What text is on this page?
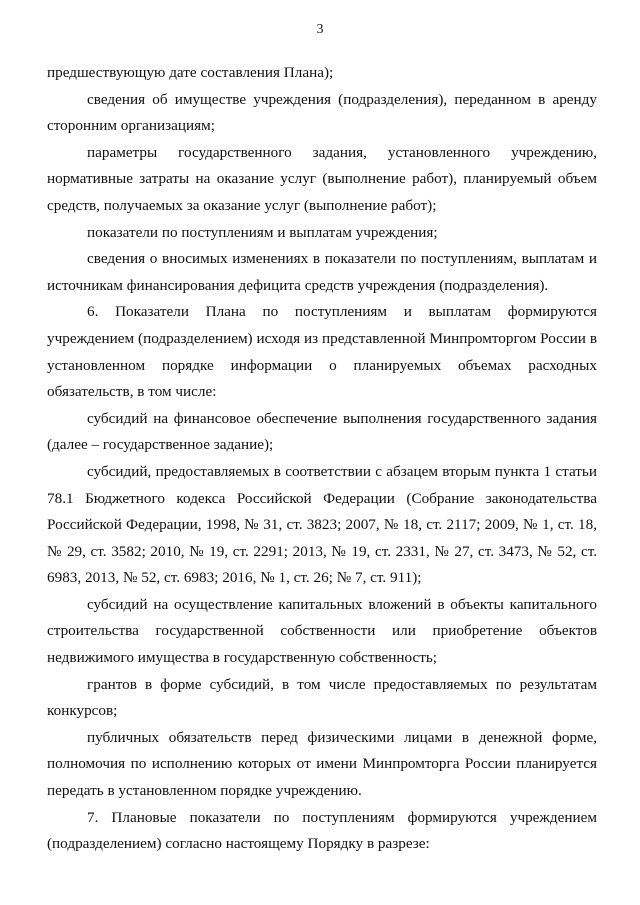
3

предшествующую дате составления Плана);

сведения об имуществе учреждения (подразделения), переданном в аренду сторонним организациям;

параметры государственного задания, установленного учреждению, нормативные затраты на оказание услуг (выполнение работ), планируемый объем средств, получаемых за оказание услуг (выполнение работ);

показатели по поступлениям и выплатам учреждения;

сведения о вносимых изменениях в показатели по поступлениям, выплатам и источникам финансирования дефицита средств учреждения (подразделения).

6. Показатели Плана по поступлениям и выплатам формируются учреждением (подразделением) исходя из представленной Минпромторгом России в установленном порядке информации о планируемых объемах расходных обязательств, в том числе:

субсидий на финансовое обеспечение выполнения государственного задания (далее – государственное задание);

субсидий, предоставляемых в соответствии с абзацем вторым пункта 1 статьи 78.1 Бюджетного кодекса Российской Федерации (Собрание законодательства Российской Федерации, 1998, № 31, ст. 3823; 2007, № 18, ст. 2117; 2009, № 1, ст. 18, № 29, ст. 3582; 2010, № 19, ст. 2291; 2013, № 19, ст. 2331, № 27, ст. 3473, № 52, ст. 6983, 2013, № 52, ст. 6983; 2016, № 1, ст. 26; № 7, ст. 911);

субсидий на осуществление капитальных вложений в объекты капитального строительства государственной собственности или приобретение объектов недвижимого имущества в государственную собственность;

грантов в форме субсидий, в том числе предоставляемых по результатам конкурсов;

публичных обязательств перед физическими лицами в денежной форме, полномочия по исполнению которых от имени Минпромторга России планируется передать в установленном порядке учреждению.

7. Плановые показатели по поступлениям формируются учреждением (подразделением) согласно настоящему Порядку в разрезе:
